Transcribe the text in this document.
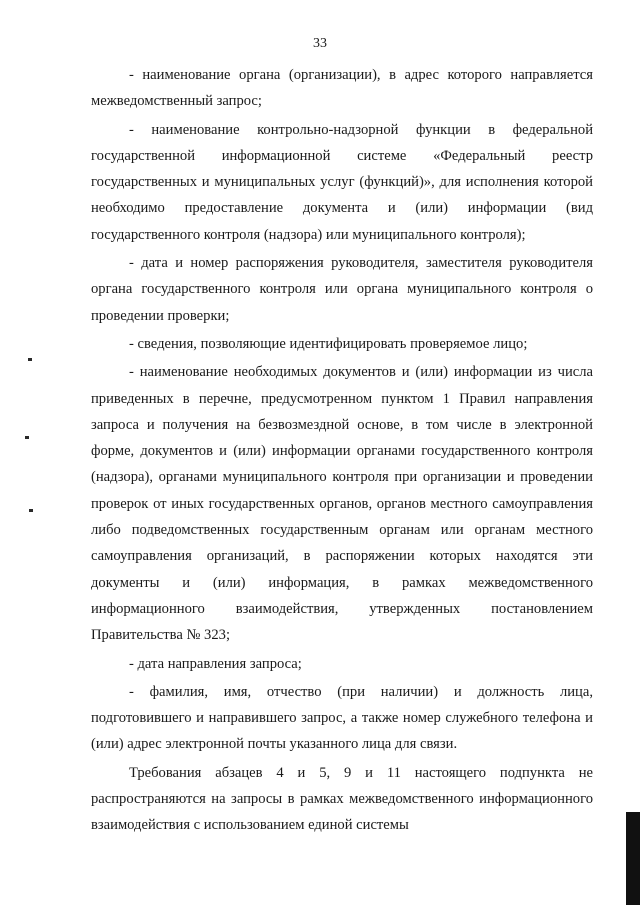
33

- наименование органа (организации), в адрес которого направляется межведомственный запрос;

- наименование контрольно-надзорной функции в федеральной государственной информационной системе «Федеральный реестр государственных и муниципальных услуг (функций)», для исполнения которой необходимо предоставление документа и (или) информации (вид государственного контроля (надзора) или муниципального контроля);

- дата и номер распоряжения руководителя, заместителя руководителя органа государственного контроля или органа муниципального контроля о проведении проверки;

- сведения, позволяющие идентифицировать проверяемое лицо;

- наименование необходимых документов и (или) информации из числа приведенных в перечне, предусмотренном пунктом 1 Правил направления запроса и получения на безвозмездной основе, в том числе в электронной форме, документов и (или) информации органами государственного контроля (надзора), органами муниципального контроля при организации и проведении проверок от иных государственных органов, органов местного самоуправления либо подведомственных государственным органам или органам местного самоуправления организаций, в распоряжении которых находятся эти документы и (или) информация, в рамках межведомственного информационного взаимодействия, утвержденных постановлением Правительства № 323;

- дата направления запроса;

- фамилия, имя, отчество (при наличии) и должность лица, подготовившего и направившего запрос, а также номер служебного телефона и (или) адрес электронной почты указанного лица для связи.

Требования абзацев 4 и 5, 9 и 11 настоящего подпункта не распространяются на запросы в рамках межведомственного информационного взаимодействия с использованием единой системы
